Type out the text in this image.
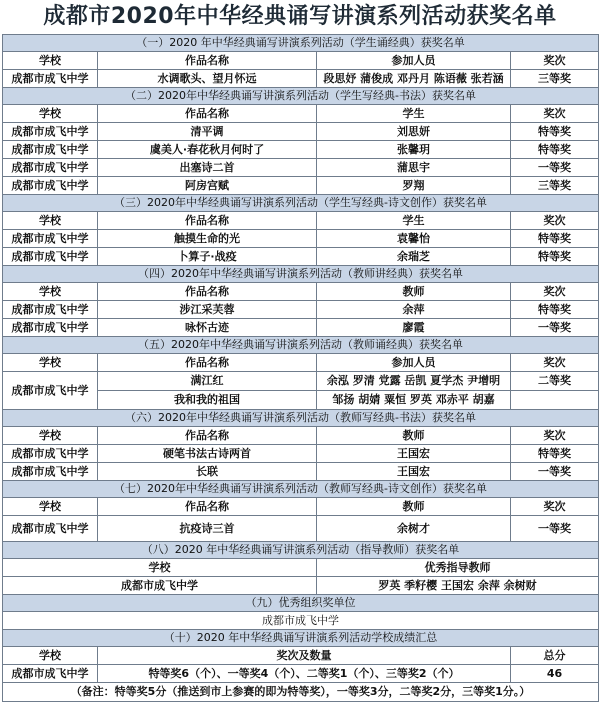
成都市2020年中华经典诵写讲演系列活动获奖名单
（一）2020 年中华经典诵写讲演系列活动（学生诵经典）获奖名单			
学校	作品名称	参加人员	奖次
成都市成飞中学	水调歌头、望月怀远	段思妤 蒲俊成 邓丹月 陈语薇 张若涵	三等奖
（二）2020年中华经典诵写讲演系列活动（学生写经典-书法）获奖名单			
学校	作品名称	学生	奖次
成都市成飞中学	清平调	刘思妍	特等奖
成都市成飞中学	虞美人·春花秋月何时了	张馨玥	特等奖
成都市成飞中学	出塞诗二首	蒲思宇	一等奖
成都市成飞中学	阿房宫赋	罗翔	三等奖
（三）2020年中华经典诵写讲演系列活动（学生写经典-诗文创作）获奖名单			
学校	作品名称	学生	奖次
成都市成飞中学	触摸生命的光	袁馨怡	特等奖
成都市成飞中学	卜算子·战疫	余瑞芝	特等奖
（四）2020年中华经典诵写讲演系列活动（教师讲经典）获奖名单			
学校	作品名称	教师	奖次
成都市成飞中学	涉江采芙蓉	余萍	特等奖
成都市成飞中学	咏怀古迹	廖霞	一等奖
（五）2020年中华经典诵写讲演系列活动（教师诵经典）获奖名单			
学校	作品名称	参加人员	奖次
成都市成飞中学	满江红	余泓 罗清 党露 岳凯 夏学杰 尹增明	二等奖
	我和我的祖国	邹扬 胡婧 粟恒 罗英 邓赤平 胡嘉	
（六）2020年中华经典诵写讲演系列活动（教师写经典-书法）获奖名单			
学校	作品名称	教师	奖次
成都市成飞中学	硬笔书法古诗两首	王国宏	特等奖
成都市成飞中学	长联	王国宏	一等奖
（七）2020年中华经典诵写讲演系列活动（教师写经典-诗文创作）获奖名单			
学校	作品名称	教师	奖次
成都市成飞中学	抗疫诗三首	余树才	一等奖
（八）2020 年中华经典诵写讲演系列活动（指导教师）获奖名单			
学校		优秀指导教师	
成都市成飞中学		罗英 季籽樱 王国宏 余萍 余树财	
（九）优秀组织奖单位			
成都市成飞中学			
（十）2020 年中华经典诵写讲演系列活动学校成绩汇总			
学校	奖次及数量		总分
成都市成飞中学	特等奖6（个）、一等奖4（个）、二等奖1（个）、三等奖2（个）		46
（备注：特等奖5分（推送到市上参赛的即为特等奖），一等奖3分，二等奖2分，三等奖1分。）			
